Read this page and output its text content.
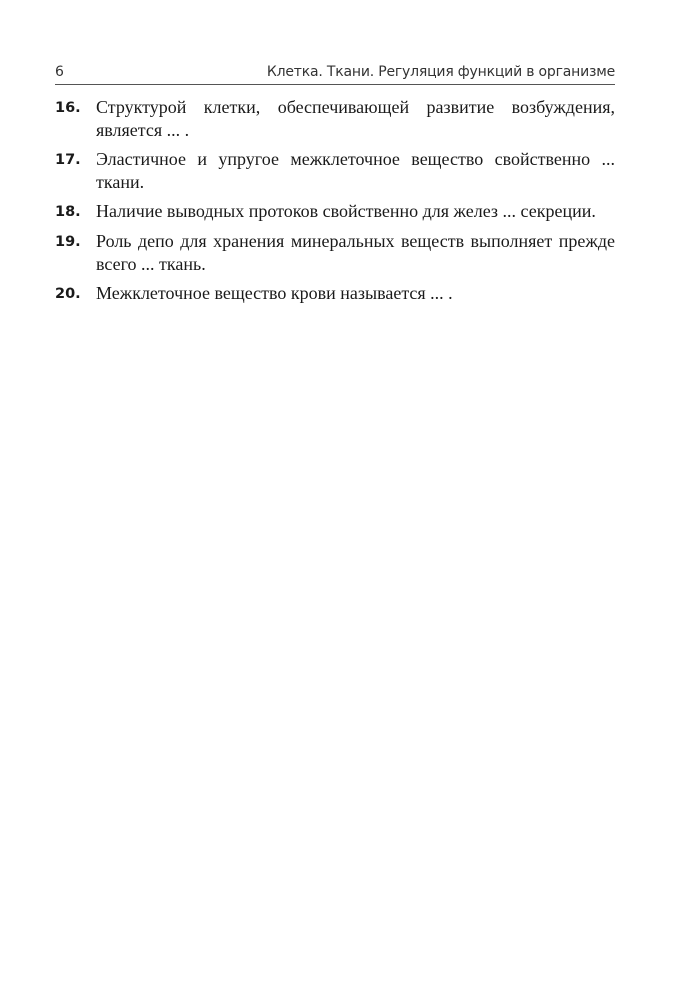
6	Клетка. Ткани. Регуляция функций в организме
16. Структурой клетки, обеспечивающей развитие возбуждения, является ... .
17. Эластичное и упругое межклеточное вещество свойственно ... ткани.
18. Наличие выводных протоков свойственно для желез ... секреции.
19. Роль депо для хранения минеральных веществ выполняет прежде всего ... ткань.
20. Межклеточное вещество крови называется ... .
